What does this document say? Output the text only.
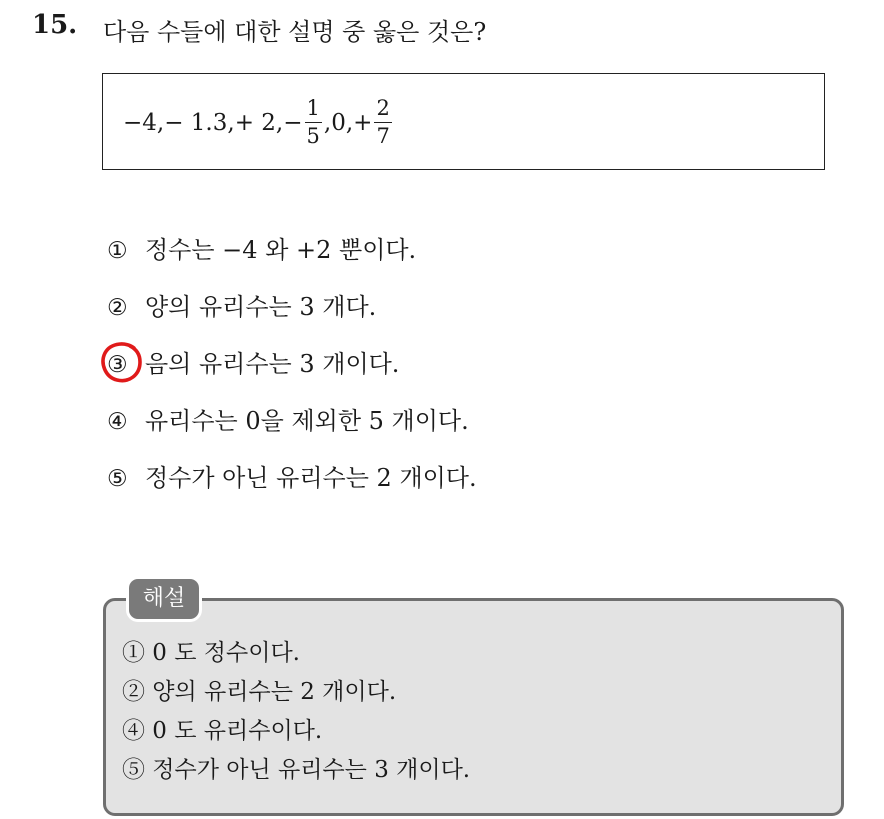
15. 다음 수들에 대한 설명 중 옳은 것은?
−4, − 1.3, + 2, − $\frac{1}{5}$ , 0, + $\frac{2}{7}$
① 정수는 −4 와 +2 뿐이다.
② 양의 유리수는 3 개다.
③ 음의 유리수는 3 개이다.
④ 유리수는 0을 제외한 5 개이다.
⑤ 정수가 아닌 유리수는 2 개이다.
해설
① 0 도 정수이다.
② 양의 유리수는 2 개이다.
④ 0 도 유리수이다.
⑤ 정수가 아닌 유리수는 3 개이다.
